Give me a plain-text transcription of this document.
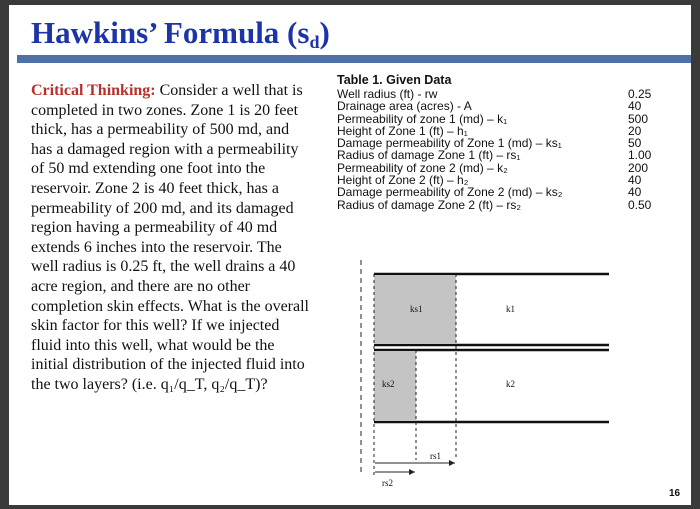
Hawkins’ Formula $(s_d)$
Critical Thinking: Consider a well that is completed in two zones. Zone 1 is 20 feet thick, has a permeability of 500 md, and has a damaged region with a permeability of 50 md extending one foot into the reservoir. Zone 2 is 40 feet thick, has a permeability of 200 md, and its damaged region having a permeability of 40 md extends 6 inches into the reservoir. The well radius is 0.25 ft, the well drains a 40 acre region, and there are no other completion skin effects. What is the overall skin factor for this well? If we injected fluid into this well, what would be the initial distribution of the injected fluid into the two layers? (i.e. q₁/q_T, q₂/q_T)?
Table 1. Given Data
Well radius (ft) - rw	0.25
Drainage area (acres) - A	40
Permeability of zone 1 (md) – k₁	500
Height of Zone 1 (ft) – h₁	20
Damage permeability of Zone 1 (md) – ks₁	50
Radius of damage Zone 1 (ft) – rs₁	1.00
Permeability of zone 2 (md) – k₂	200
Height of Zone 2 (ft) – h₂	40
Damage permeability of Zone 2 (md) – ks₂	40
Radius of damage Zone 2 (ft) – rs₂	0.50
ks1	k1
ks2	k2
rs1
rs2
16
